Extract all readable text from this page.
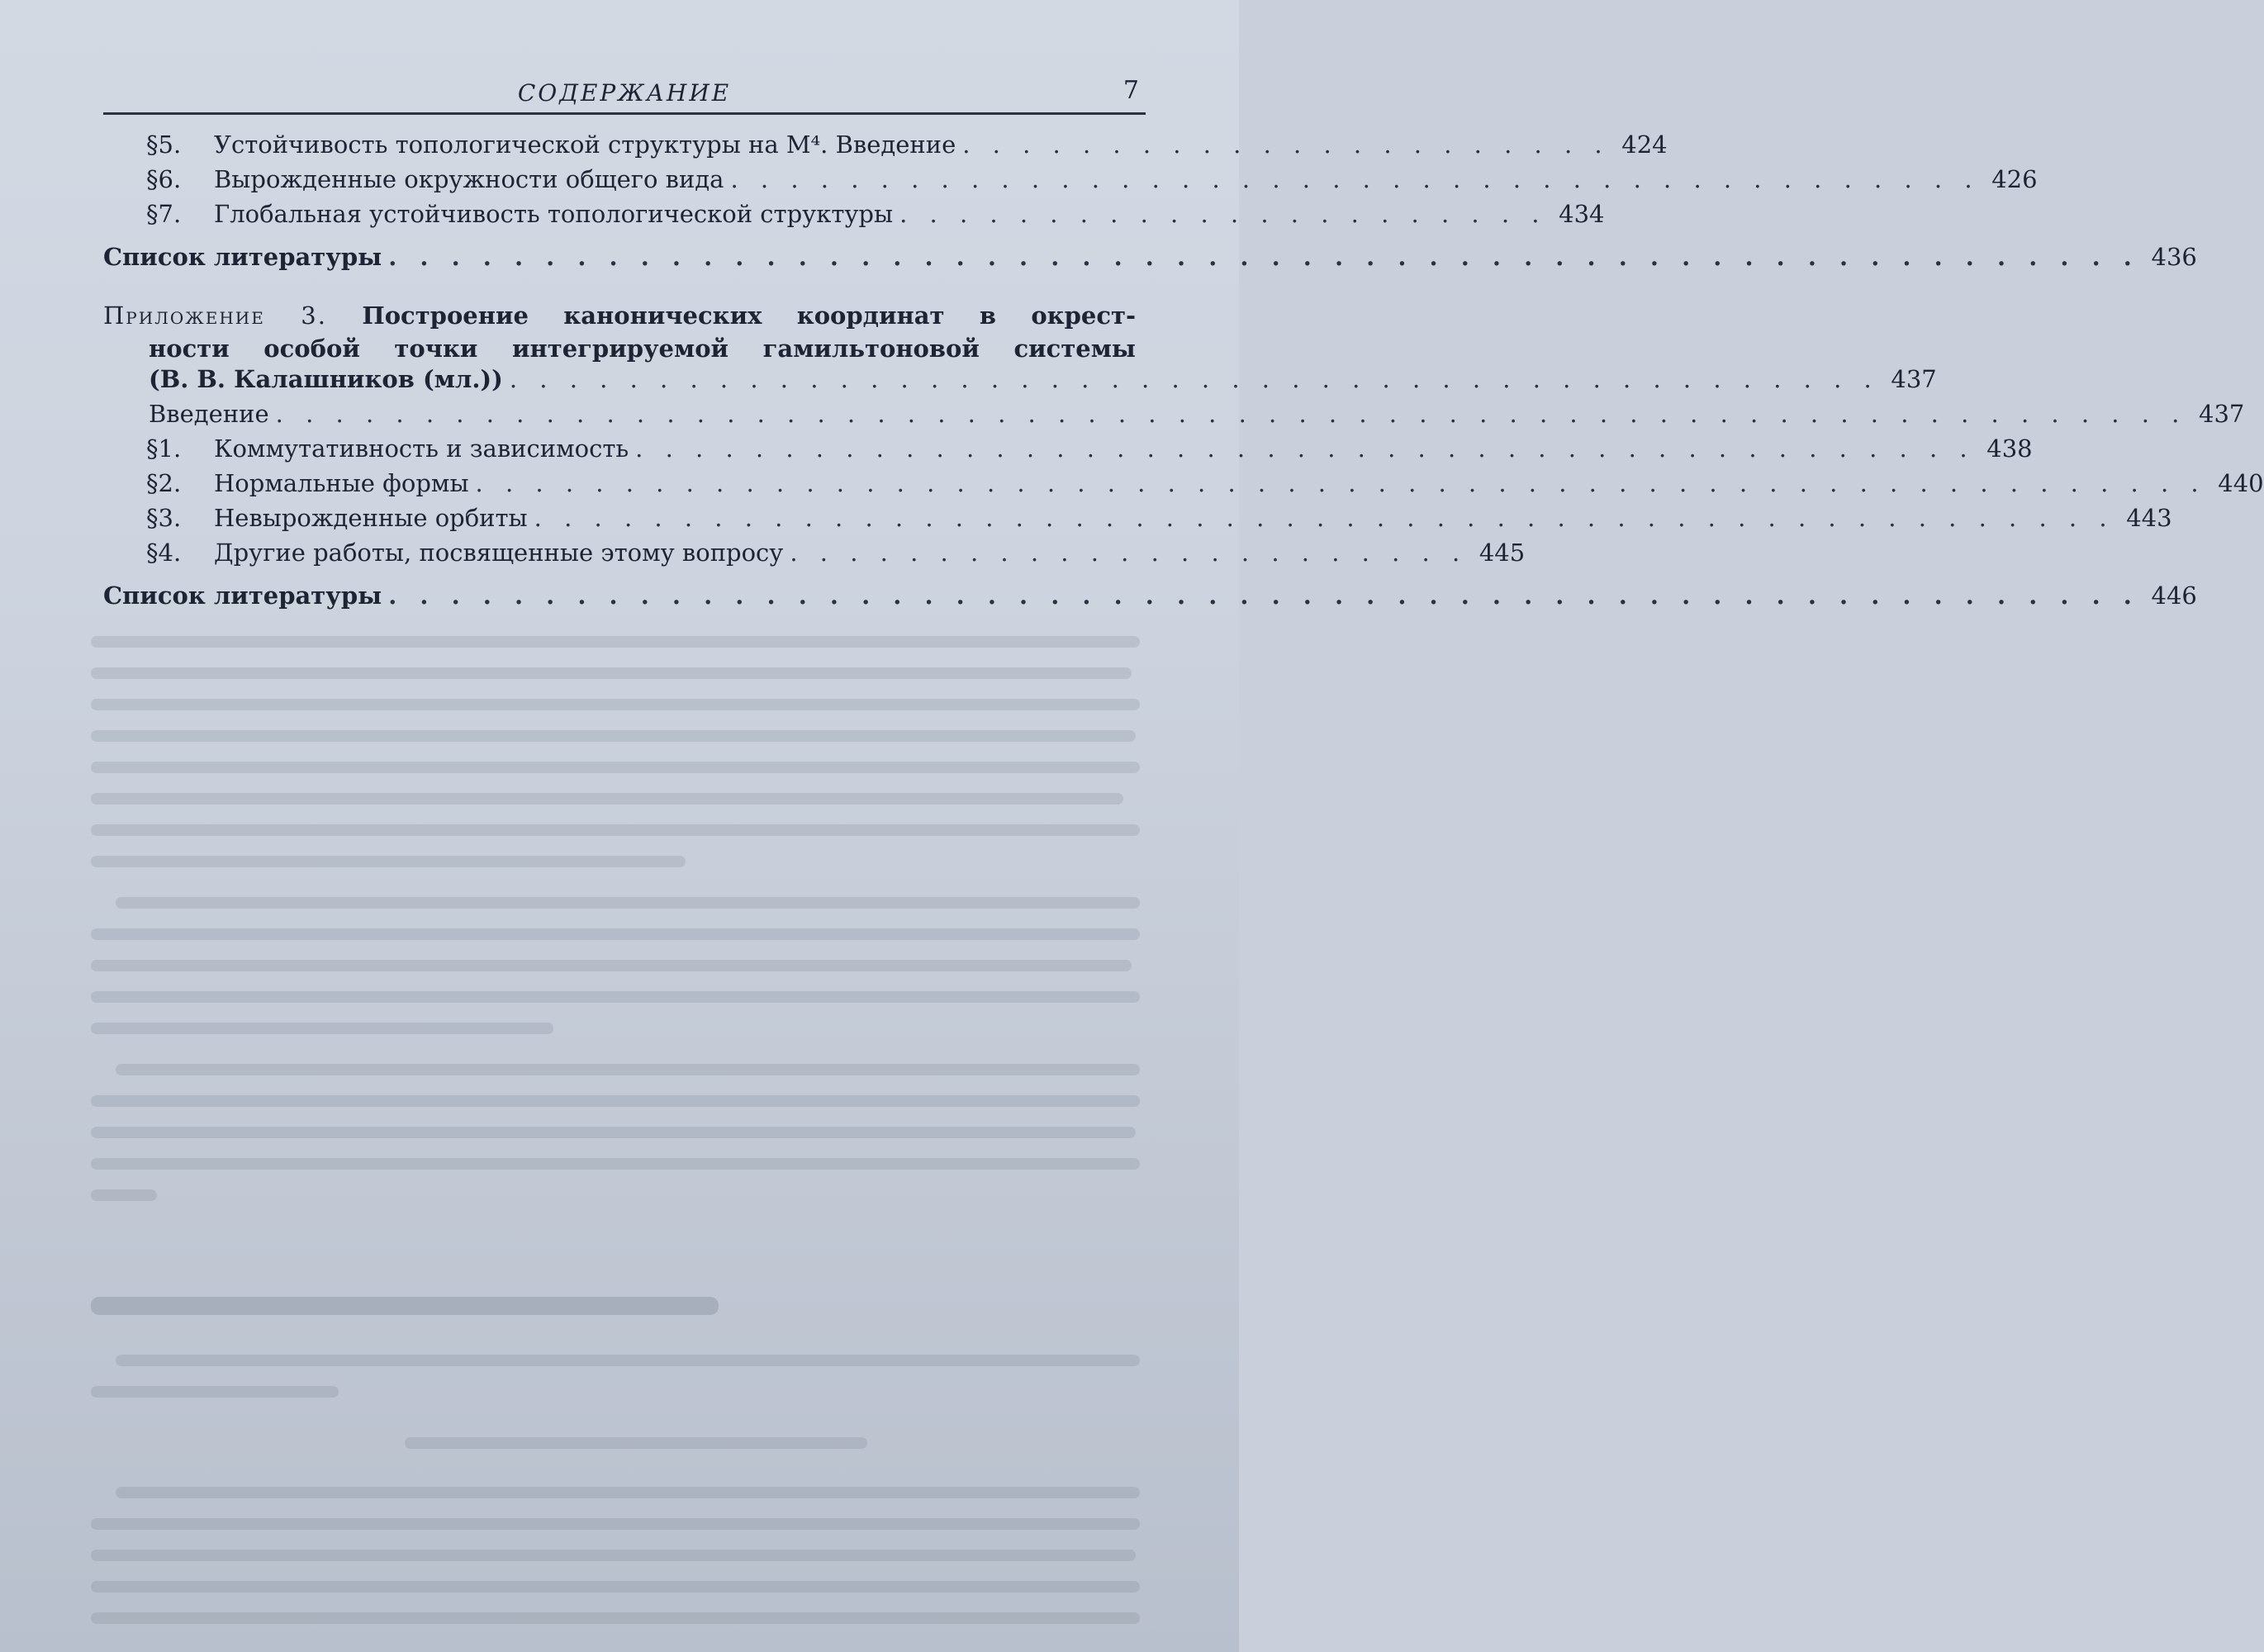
СОДЕРЖАНИЕ	7
§5.	Устойчивость топологической структуры на M⁴. Введение . . . . . . . . . . . . . . . . . . . . . . 424
§6.	Вырожденные окружности общего вида . . . . . . . . . . . . . . . . . . . . . . . . . . . . . . . . . . . . . . . . . . 426
§7.	Глобальная устойчивость топологической структуры . . . . . . . . . . . . . . . . . . . . . . 434
Список литературы . . . . . . . . . . . . . . . . . . . . . . . . . . . . . . . . . . . . . . . . . . . . . . . . . . . . . . . . 436
Приложение 3. Построение канонических координат в окрест-
ности особой точки интегрируемой гамильтоновой системы
(В. В. Калашников (мл.)) . . . . . . . . . . . . . . . . . . . . . . . . . . . . . . . . . . . . . . . . . . . . . . 437
Введение . . . . . . . . . . . . . . . . . . . . . . . . . . . . . . . . . . . . . . . . . . . . . . . . . . . . . . . . . . . . . . . . 437
§1.	Коммутативность и зависимость . . . . . . . . . . . . . . . . . . . . . . . . . . . . . . . . . . . . . . . . . . . . . 438
§2.	Нормальные формы . . . . . . . . . . . . . . . . . . . . . . . . . . . . . . . . . . . . . . . . . . . . . . . . . . . . . . . . . . 440
§3.	Невырожденные орбиты . . . . . . . . . . . . . . . . . . . . . . . . . . . . . . . . . . . . . . . . . . . . . . . . . . . . . 443
§4.	Другие работы, посвященные этому вопросу . . . . . . . . . . . . . . . . . . . . . . . 445
Список литературы . . . . . . . . . . . . . . . . . . . . . . . . . . . . . . . . . . . . . . . . . . . . . . . . . . . . . . . . 446
